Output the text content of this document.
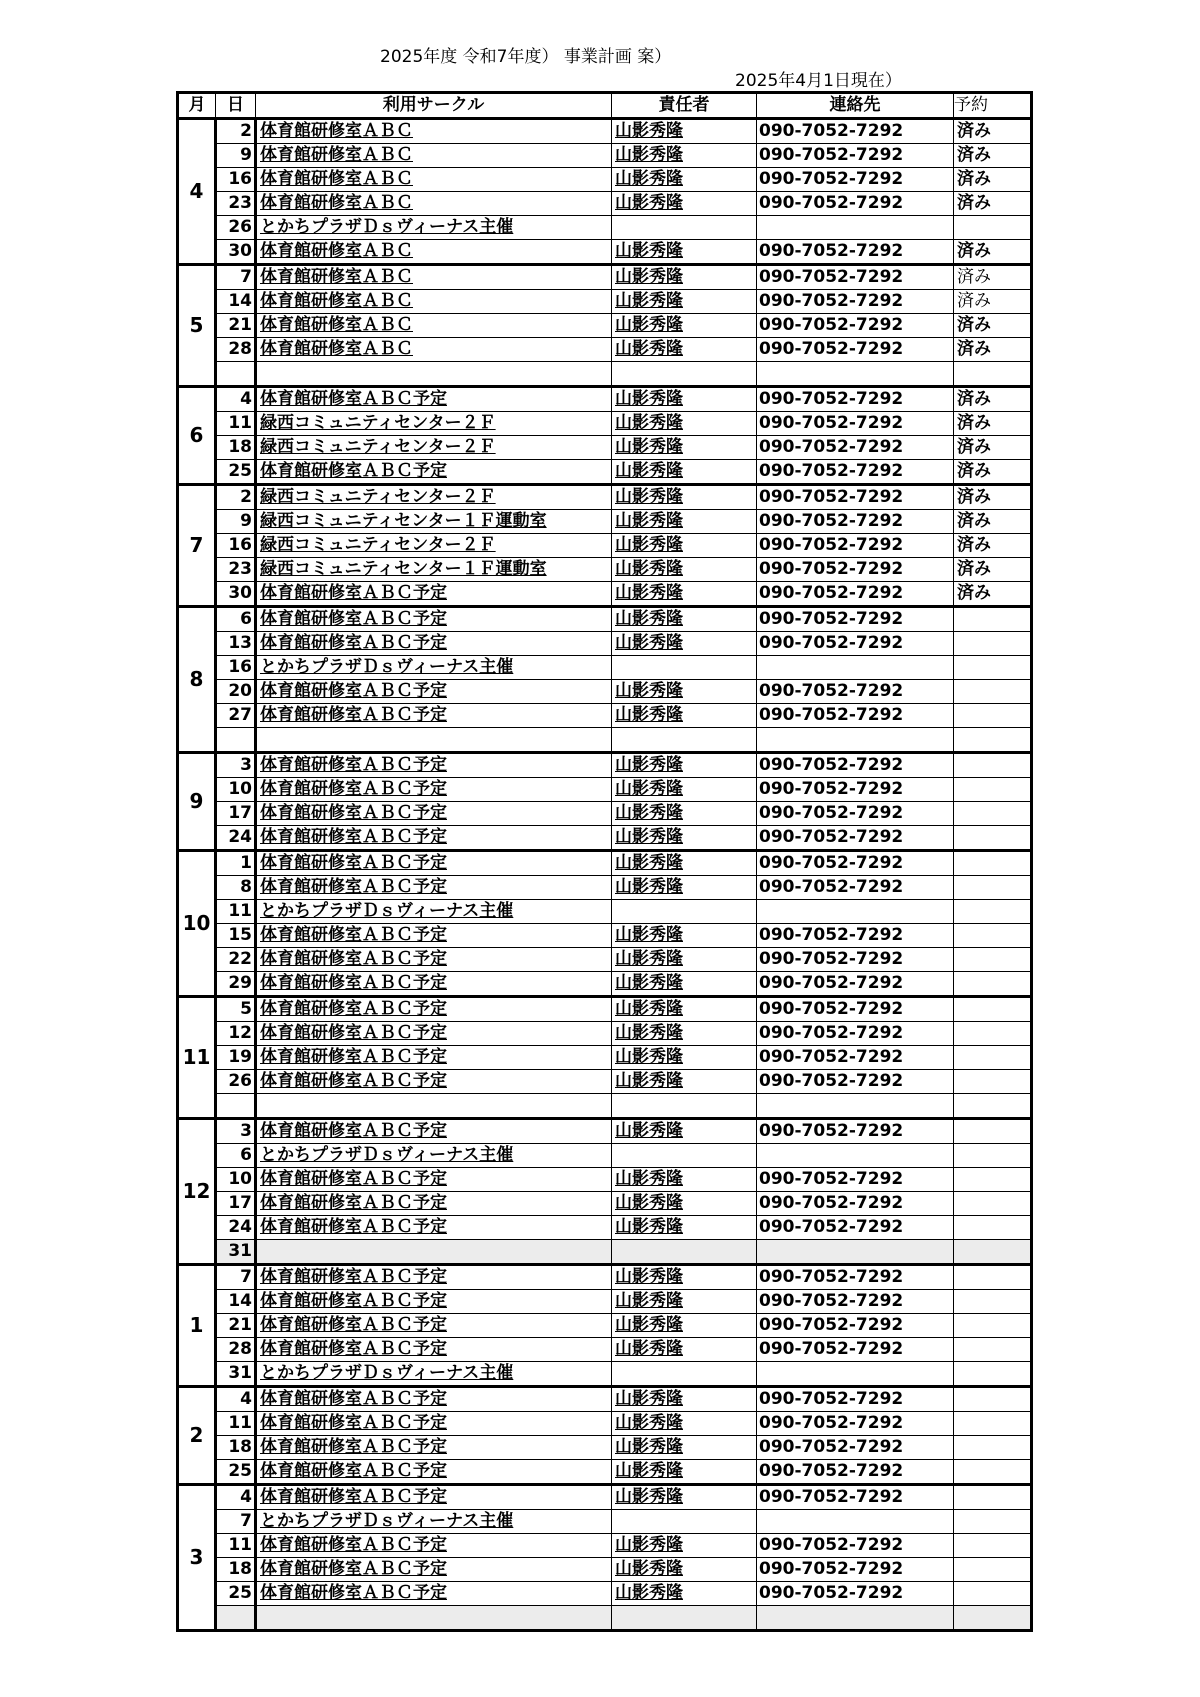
2025年度 令和7年度） 事業計画 案）
2025年4月1日現在）
月	日	利用サークル	責任者	連絡先	予約
4	2	体育館研修室ＡＢＣ	山影秀隆	090-7052-7292	済み
	9	体育館研修室ＡＢＣ	山影秀隆	090-7052-7292	済み
	16	体育館研修室ＡＢＣ	山影秀隆	090-7052-7292	済み
	23	体育館研修室ＡＢＣ	山影秀隆	090-7052-7292	済み
	26	とかちプラザＤｓヴィーナス主催			
	30	体育館研修室ＡＢＣ	山影秀隆	090-7052-7292	済み
5	7	体育館研修室ＡＢＣ	山影秀隆	090-7052-7292	済み
	14	体育館研修室ＡＢＣ	山影秀隆	090-7052-7292	済み
	21	体育館研修室ＡＢＣ	山影秀隆	090-7052-7292	済み
	28	体育館研修室ＡＢＣ	山影秀隆	090-7052-7292	済み

6	4	体育館研修室ＡＢＣ予定	山影秀隆	090-7052-7292	済み
	11	緑西コミュニティセンター２Ｆ	山影秀隆	090-7052-7292	済み
	18	緑西コミュニティセンター２Ｆ	山影秀隆	090-7052-7292	済み
	25	体育館研修室ＡＢＣ予定	山影秀隆	090-7052-7292	済み
7	2	緑西コミュニティセンター２Ｆ	山影秀隆	090-7052-7292	済み
	9	緑西コミュニティセンター１Ｆ運動室	山影秀隆	090-7052-7292	済み
	16	緑西コミュニティセンター２Ｆ	山影秀隆	090-7052-7292	済み
	23	緑西コミュニティセンター１Ｆ運動室	山影秀隆	090-7052-7292	済み
	30	体育館研修室ＡＢＣ予定	山影秀隆	090-7052-7292	済み
8	6	体育館研修室ＡＢＣ予定	山影秀隆	090-7052-7292	
	13	体育館研修室ＡＢＣ予定	山影秀隆	090-7052-7292	
	16	とかちプラザＤｓヴィーナス主催			
	20	体育館研修室ＡＢＣ予定	山影秀隆	090-7052-7292	
	27	体育館研修室ＡＢＣ予定	山影秀隆	090-7052-7292	

9	3	体育館研修室ＡＢＣ予定	山影秀隆	090-7052-7292	
	10	体育館研修室ＡＢＣ予定	山影秀隆	090-7052-7292	
	17	体育館研修室ＡＢＣ予定	山影秀隆	090-7052-7292	
	24	体育館研修室ＡＢＣ予定	山影秀隆	090-7052-7292	
10	1	体育館研修室ＡＢＣ予定	山影秀隆	090-7052-7292	
	8	体育館研修室ＡＢＣ予定	山影秀隆	090-7052-7292	
	11	とかちプラザＤｓヴィーナス主催			
	15	体育館研修室ＡＢＣ予定	山影秀隆	090-7052-7292	
	22	体育館研修室ＡＢＣ予定	山影秀隆	090-7052-7292	
	29	体育館研修室ＡＢＣ予定	山影秀隆	090-7052-7292	
11	5	体育館研修室ＡＢＣ予定	山影秀隆	090-7052-7292	
	12	体育館研修室ＡＢＣ予定	山影秀隆	090-7052-7292	
	19	体育館研修室ＡＢＣ予定	山影秀隆	090-7052-7292	
	26	体育館研修室ＡＢＣ予定	山影秀隆	090-7052-7292	

12	3	体育館研修室ＡＢＣ予定	山影秀隆	090-7052-7292	
	6	とかちプラザＤｓヴィーナス主催			
	10	体育館研修室ＡＢＣ予定	山影秀隆	090-7052-7292	
	17	体育館研修室ＡＢＣ予定	山影秀隆	090-7052-7292	
	24	体育館研修室ＡＢＣ予定	山影秀隆	090-7052-7292	
	31				
1	7	体育館研修室ＡＢＣ予定	山影秀隆	090-7052-7292	
	14	体育館研修室ＡＢＣ予定	山影秀隆	090-7052-7292	
	21	体育館研修室ＡＢＣ予定	山影秀隆	090-7052-7292	
	28	体育館研修室ＡＢＣ予定	山影秀隆	090-7052-7292	
	31	とかちプラザＤｓヴィーナス主催			
2	4	体育館研修室ＡＢＣ予定	山影秀隆	090-7052-7292	
	11	体育館研修室ＡＢＣ予定	山影秀隆	090-7052-7292	
	18	体育館研修室ＡＢＣ予定	山影秀隆	090-7052-7292	
	25	体育館研修室ＡＢＣ予定	山影秀隆	090-7052-7292	
3	4	体育館研修室ＡＢＣ予定	山影秀隆	090-7052-7292	
	7	とかちプラザＤｓヴィーナス主催			
	11	体育館研修室ＡＢＣ予定	山影秀隆	090-7052-7292	
	18	体育館研修室ＡＢＣ予定	山影秀隆	090-7052-7292	
	25	体育館研修室ＡＢＣ予定	山影秀隆	090-7052-7292	
